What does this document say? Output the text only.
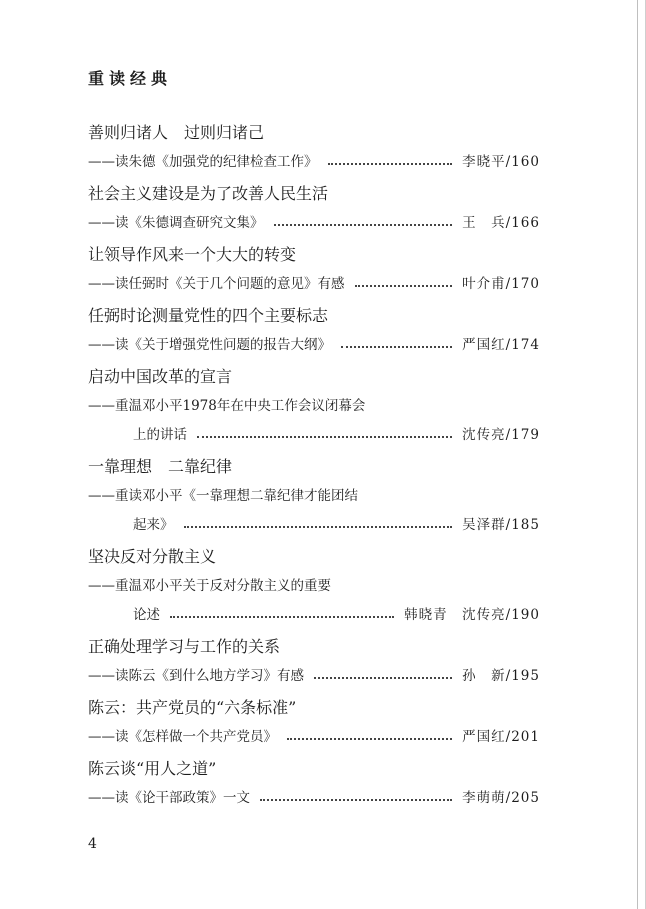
重读经典
善则归诸人　过则归诸己
——读朱德《加强党的纪律检查工作》	李晓平/160
社会主义建设是为了改善人民生活
——读《朱德调查研究文集》	王　兵/166
让领导作风来一个大大的转变
——读任弼时《关于几个问题的意见》有感	叶介甫/170
任弼时论测量党性的四个主要标志
——读《关于增强党性问题的报告大纲》	严国红/174
启动中国改革的宣言
——重温邓小平1978年在中央工作会议闭幕会
上的讲话	沈传亮/179
一靠理想　二靠纪律
——重读邓小平《一靠理想二靠纪律才能团结
起来》	吴泽群/185
坚决反对分散主义
——重温邓小平关于反对分散主义的重要
论述	韩晓青　沈传亮/190
正确处理学习与工作的关系
——读陈云《到什么地方学习》有感	孙　新/195
陈云：共产党员的“六条标准”
——读《怎样做一个共产党员》	严国红/201
陈云谈“用人之道”
——读《论干部政策》一文	李萌萌/205
4
